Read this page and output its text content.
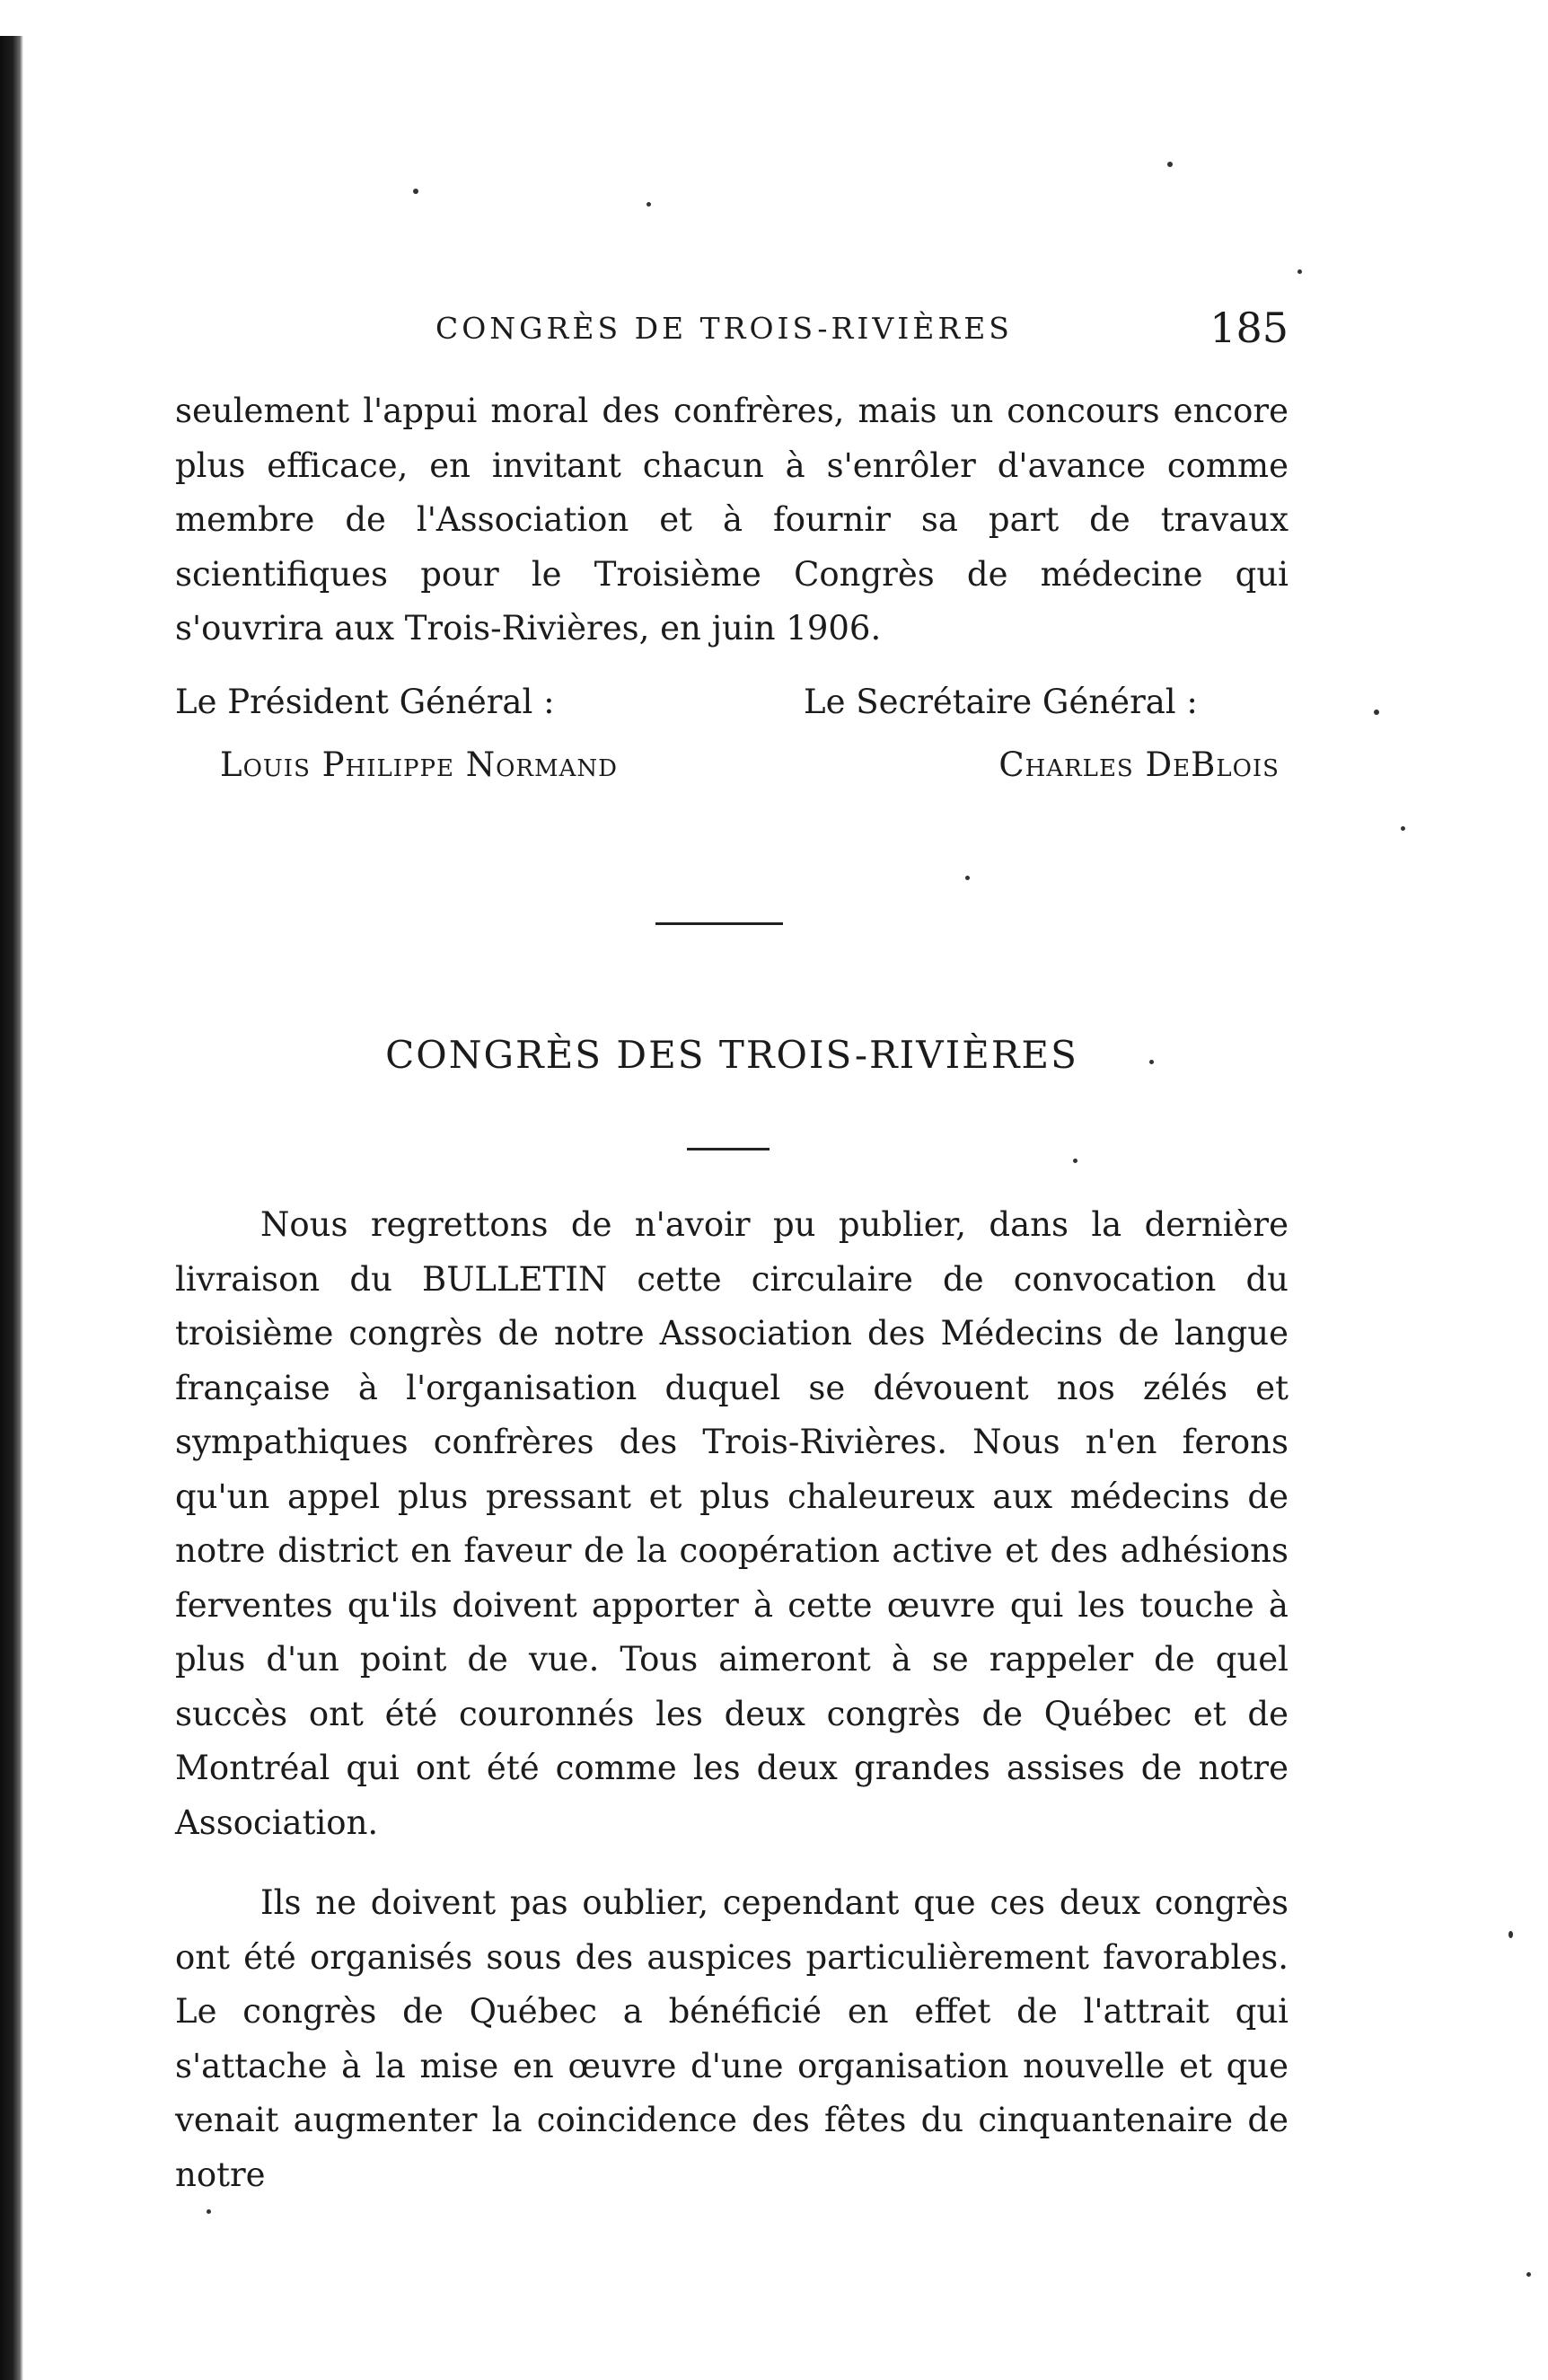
CONGRÈS DE TROIS-RIVIÈRES	185

seulement l'appui moral des confrères, mais un concours encore plus efficace, en invitant chacun à s'enrôler d'avance comme membre de l'Association et à fournir sa part de travaux scientifiques pour le Troisième Congrès de médecine qui s'ouvrira aux Trois-Rivières, en juin 1906.

Le Président Général :	Le Secrétaire Général :
Louis Philippe Normand	Charles DeBlois
CONGRÈS DES TROIS-RIVIÈRES

Nous regrettons de n'avoir pu publier, dans la dernière livraison du BULLETIN cette circulaire de convocation du troisième congrès de notre Association des Médecins de langue française à l'organisation duquel se dévouent nos zélés et sympathiques confrères des Trois-Rivières. Nous n'en ferons qu'un appel plus pressant et plus chaleureux aux médecins de notre district en faveur de la coopération active et des adhésions ferventes qu'ils doivent apporter à cette œuvre qui les touche à plus d'un point de vue. Tous aimeront à se rappeler de quel succès ont été couronnés les deux congrès de Québec et de Montréal qui ont été comme les deux grandes assises de notre Association.

Ils ne doivent pas oublier, cependant que ces deux congrès ont été organisés sous des auspices particulièrement favorables. Le congrès de Québec a bénéficié en effet de l'attrait qui s'attache à la mise en œuvre d'une organisation nouvelle et que venait augmenter la coincidence des fêtes du cinquantenaire de notre
